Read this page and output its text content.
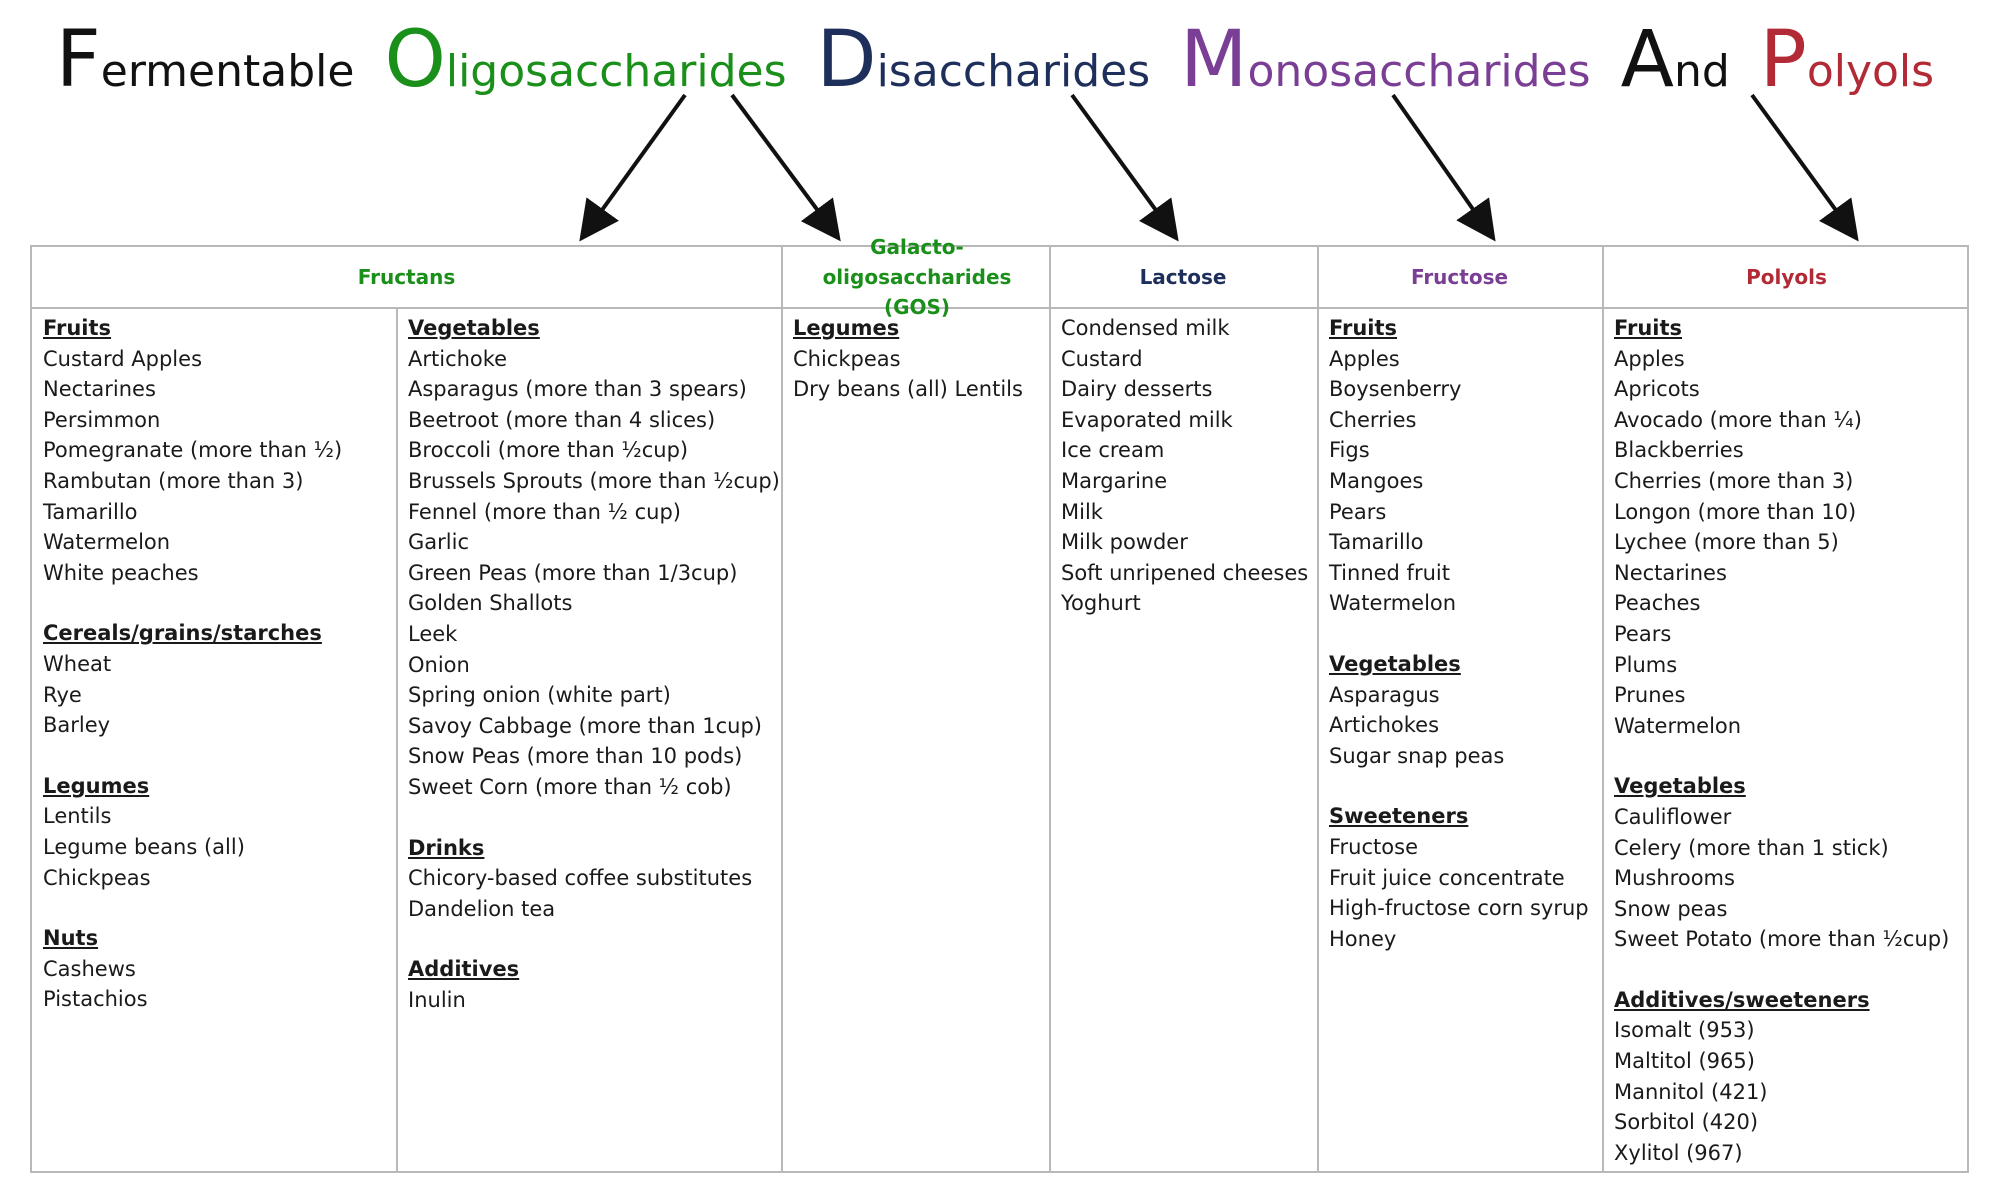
Fermentable Oligosaccharides Disaccharides Monosaccharides And Polyols
Fructans
Galacto-oligosaccharides (GOS)
Lactose	Fructose	Polyols
Fruits
Custard Apples
Nectarines
Persimmon
Pomegranate (more than ½)
Rambutan (more than 3)
Tamarillo
Watermelon
White peaches
Cereals/grains/starches
Wheat
Rye
Barley
Legumes
Lentils
Legume beans (all)
Chickpeas
Nuts
Cashews
Pistachios
Vegetables
Artichoke
Asparagus (more than 3 spears)
Beetroot (more than 4 slices)
Broccoli (more than ½cup)
Brussels Sprouts (more than ½cup)
Fennel (more than ½ cup)
Garlic
Green Peas (more than 1/3cup)
Golden Shallots
Leek
Onion
Spring onion (white part)
Savoy Cabbage (more than 1cup)
Snow Peas (more than 10 pods)
Sweet Corn (more than ½ cob)
Drinks
Chicory-based coffee substitutes
Dandelion tea
Additives
Inulin
Legumes
Chickpeas
Dry beans (all) Lentils
Condensed milk
Custard
Dairy desserts
Evaporated milk
Ice cream
Margarine
Milk
Milk powder
Soft unripened cheeses
Yoghurt
Fruits
Apples
Boysenberry
Cherries
Figs
Mangoes
Pears
Tamarillo
Tinned fruit
Watermelon
Vegetables
Asparagus
Artichokes
Sugar snap peas
Sweeteners
Fructose
Fruit juice concentrate
High-fructose corn syrup
Honey
Fruits
Apples
Apricots
Avocado (more than ¼)
Blackberries
Cherries (more than 3)
Longon (more than 10)
Lychee (more than 5)
Nectarines
Peaches
Pears
Plums
Prunes
Watermelon
Vegetables
Cauliflower
Celery (more than 1 stick)
Mushrooms
Snow peas
Sweet Potato (more than ½cup)
Additives/sweeteners
Isomalt (953)
Maltitol (965)
Mannitol (421)
Sorbitol (420)
Xylitol (967)
